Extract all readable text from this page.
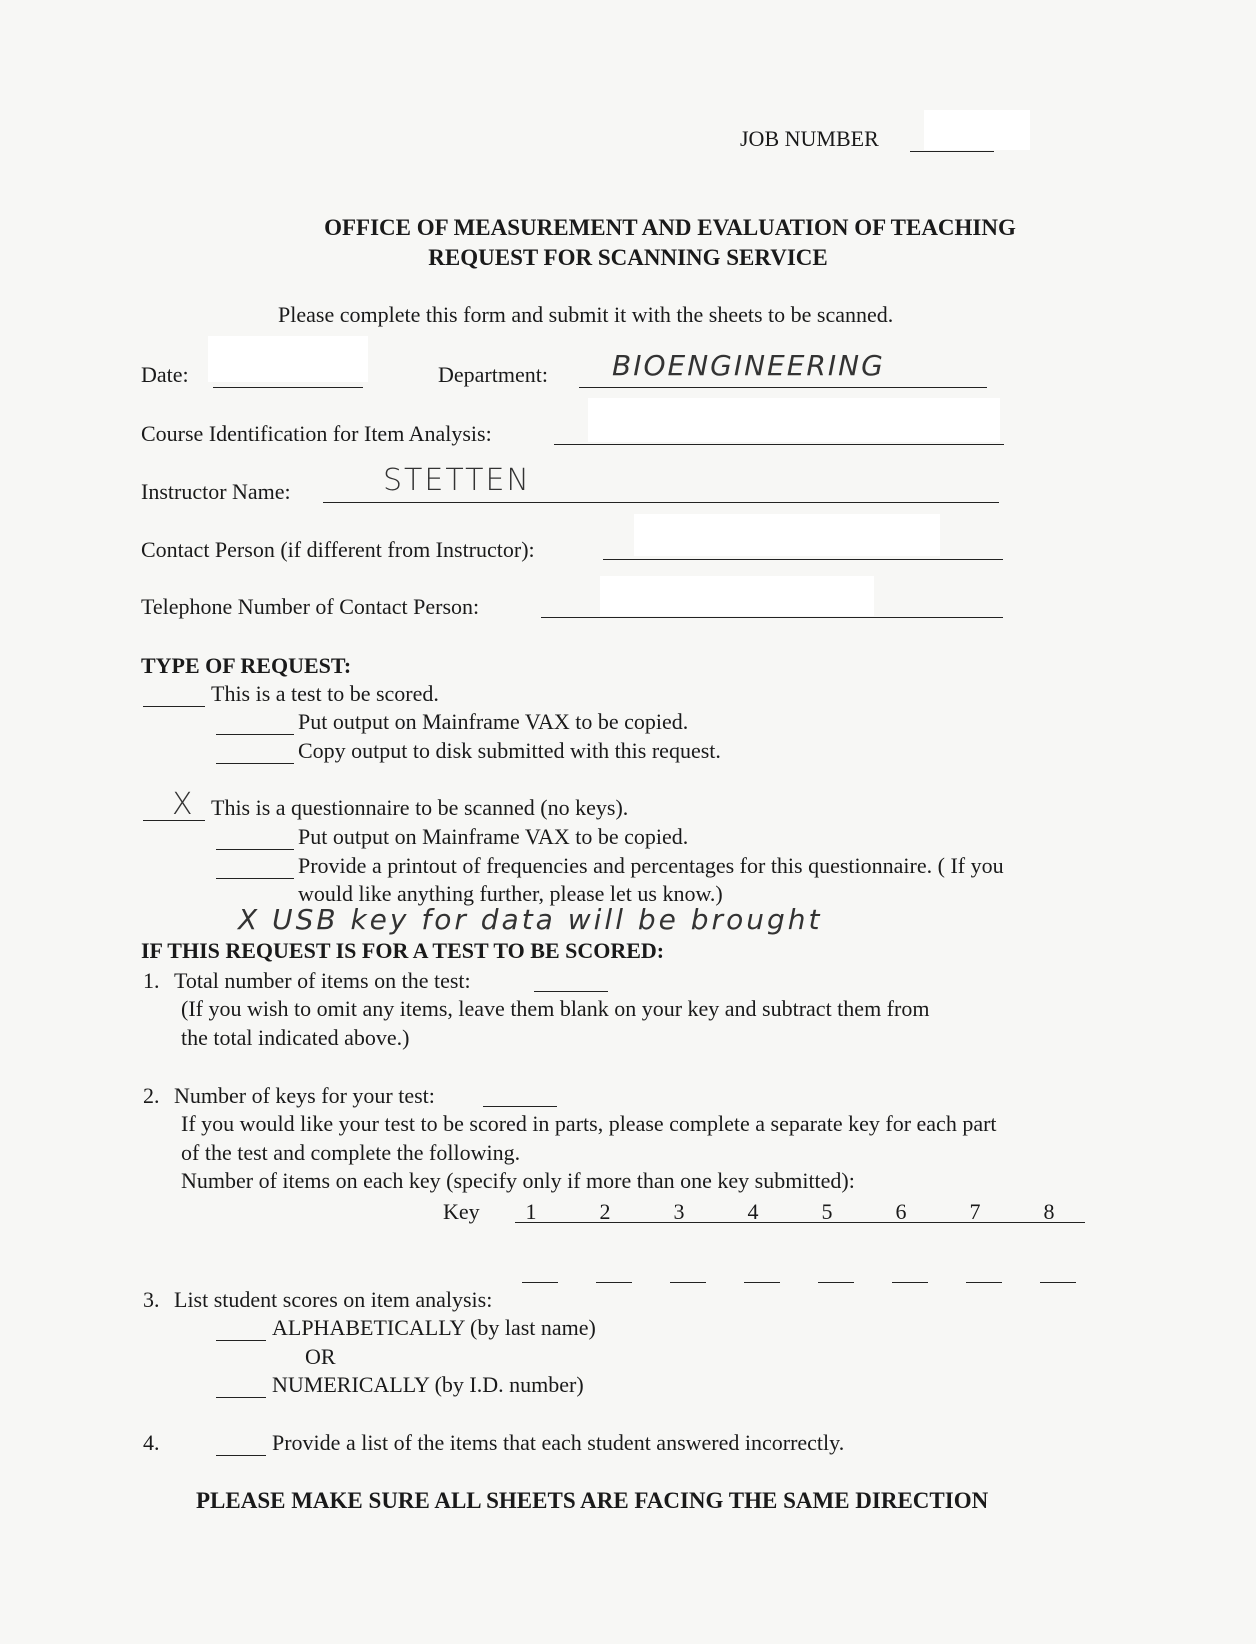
JOB NUMBER
OFFICE OF MEASUREMENT AND EVALUATION OF TEACHING
REQUEST FOR SCANNING SERVICE
Please complete this form and submit it with the sheets to be scanned.
Date:	Department: BIOENGINEERING
Course Identification for Item Analysis:
Instructor Name:	STETTEN
Contact Person (if different from Instructor):
Telephone Number of Contact Person:
TYPE OF REQUEST:
This is a test to be scored.
Put output on Mainframe VAX to be copied.
Copy output to disk submitted with this request.
X This is a questionnaire to be scanned (no keys).
Put output on Mainframe VAX to be copied.
Provide a printout of frequencies and percentages for this questionnaire. ( If you
would like anything further, please let us know.)
X USB key for data will be brought
IF THIS REQUEST IS FOR A TEST TO BE SCORED:
1. Total number of items on the test:
(If you wish to omit any items, leave them blank on your key and subtract them from
the total indicated above.)
2. Number of keys for your test:
If you would like your test to be scored in parts, please complete a separate key for each part
of the test and complete the following.
Number of items on each key (specify only if more than one key submitted):
Key	1	2	3	4	5	6	7	8
3. List student scores on item analysis:
ALPHABETICALLY (by last name)
OR
NUMERICALLY (by I.D. number)
4.	Provide a list of the items that each student answered incorrectly.
PLEASE MAKE SURE ALL SHEETS ARE FACING THE SAME DIRECTION
